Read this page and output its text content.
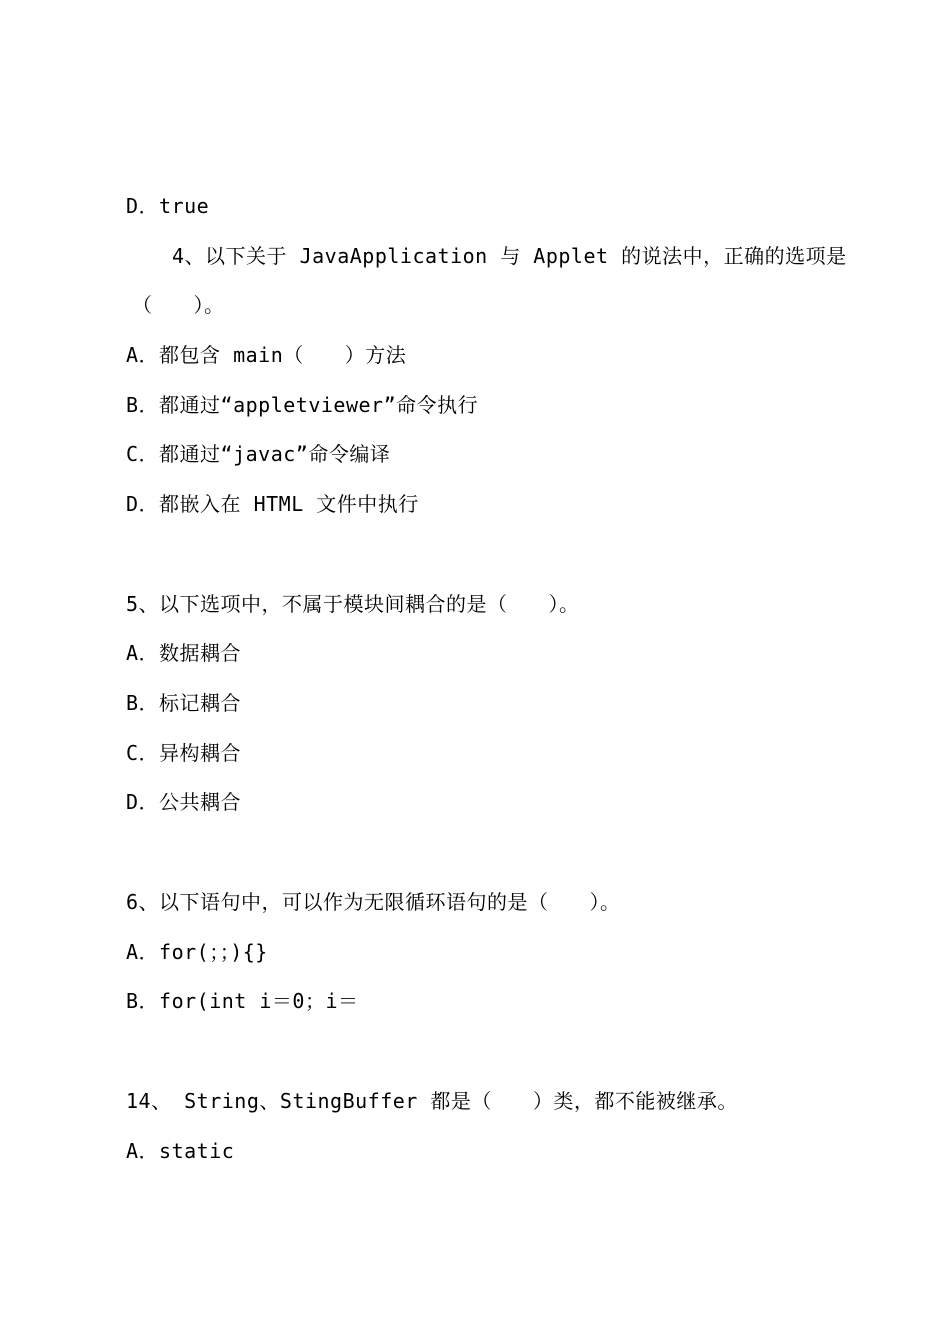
D．true
4、以下关于 JavaApplication 与 Applet 的说法中，正确的选项是
（　　）。
A．都包含 main（　　）方法
B．都通过“appletviewer”命令执行
C．都通过“javac”命令编译
D．都嵌入在 HTML 文件中执行
5、以下选项中，不属于模块间耦合的是（　　）。
A．数据耦合
B．标记耦合
C．异构耦合
D．公共耦合
6、以下语句中，可以作为无限循环语句的是（　　）。
A．for(；；){}
B．for(int i＝0；i＝
14、 String、StingBuffer 都是（　　）类，都不能被继承。
A．static
